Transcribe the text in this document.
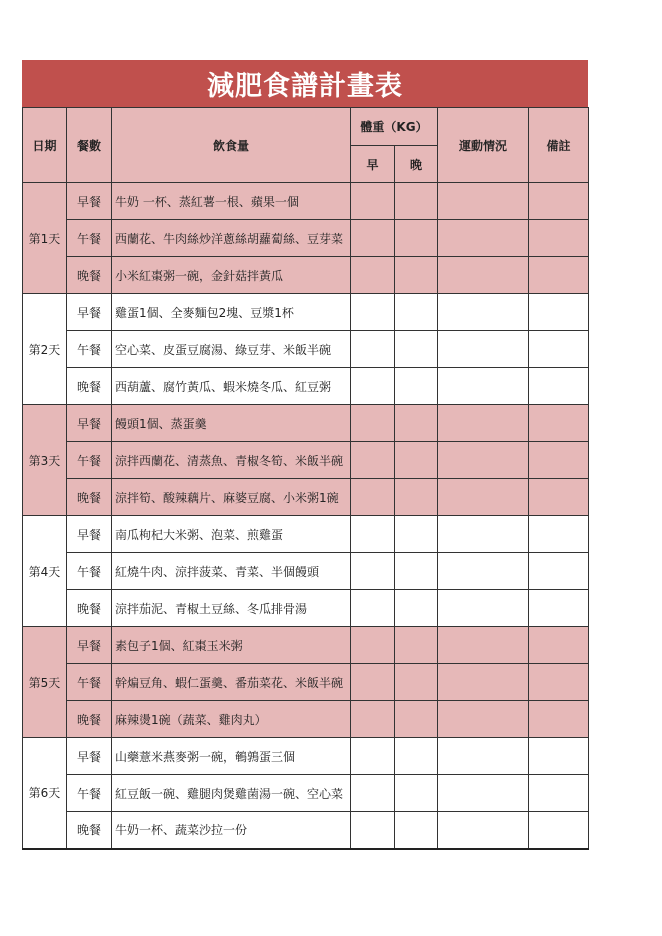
減肥食譜計畫表
日期	餐數	飲食量	體重（KG）		運動情況	備註
			早	晚		
第1天	早餐	牛奶 一杯、蒸紅薯一根、蘋果一個				
	午餐	西蘭花、牛肉絲炒洋蔥絲胡蘿蔔絲、豆芽菜				
	晚餐	小米紅棗粥一碗，金針菇拌黃瓜				
第2天	早餐	雞蛋1個、全麥麵包2塊、豆漿1杯				
	午餐	空心菜、皮蛋豆腐湯、綠豆芽、米飯半碗				
	晚餐	西葫蘆、腐竹黃瓜、蝦米燒冬瓜、紅豆粥				
第3天	早餐	饅頭1個、蒸蛋羹				
	午餐	涼拌西蘭花、清蒸魚、青椒冬筍、米飯半碗				
	晚餐	涼拌筍、酸辣藕片、麻婆豆腐、小米粥1碗				
第4天	早餐	南瓜枸杞大米粥、泡菜、煎雞蛋				
	午餐	紅燒牛肉、涼拌菠菜、青菜、半個饅頭				
	晚餐	涼拌茄泥、青椒土豆絲、冬瓜排骨湯				
第5天	早餐	素包子1個、紅棗玉米粥				
	午餐	幹煸豆角、蝦仁蛋羹、番茄菜花、米飯半碗				
	晚餐	麻辣燙1碗（蔬菜、雞肉丸）				
第6天	早餐	山藥薏米燕麥粥一碗，鵪鶉蛋三個				
	午餐	紅豆飯一碗、雞腿肉煲雞菌湯一碗、空心菜				
	晚餐	牛奶一杯、蔬菜沙拉一份				
